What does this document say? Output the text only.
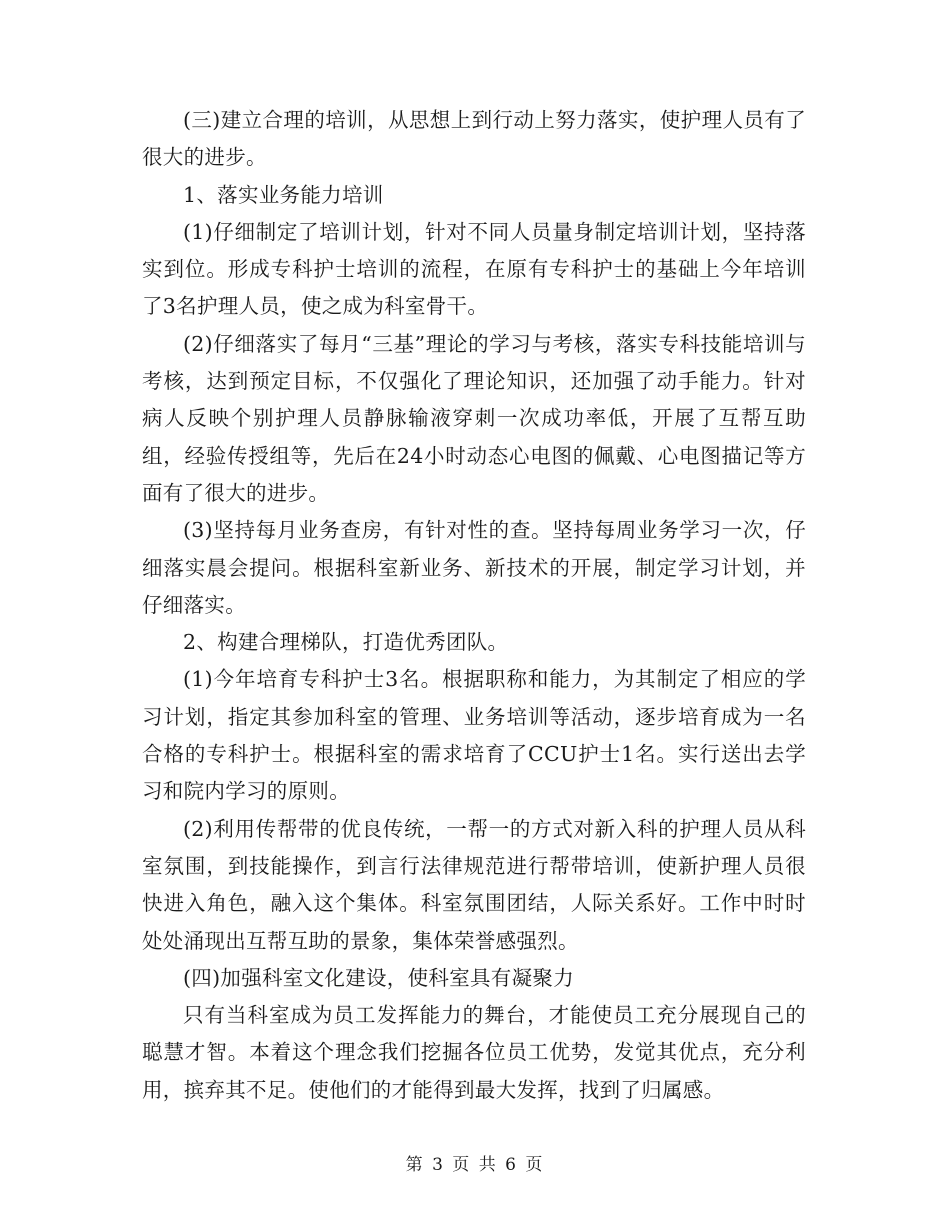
(三)建立合理的培训，从思想上到行动上努力落实，使护理人员有了很大的进步。

1、落实业务能力培训

(1)仔细制定了培训计划，针对不同人员量身制定培训计划，坚持落实到位。形成专科护士培训的流程，在原有专科护士的基础上今年培训了3名护理人员，使之成为科室骨干。

(2)仔细落实了每月“三基”理论的学习与考核，落实专科技能培训与考核，达到预定目标，不仅强化了理论知识，还加强了动手能力。针对病人反映个别护理人员静脉输液穿刺一次成功率低，开展了互帮互助组，经验传授组等，先后在24小时动态心电图的佩戴、心电图描记等方面有了很大的进步。

(3)坚持每月业务查房，有针对性的查。坚持每周业务学习一次，仔细落实晨会提问。根据科室新业务、新技术的开展，制定学习计划，并仔细落实。

2、构建合理梯队，打造优秀团队。

(1)今年培育专科护士3名。根据职称和能力，为其制定了相应的学习计划，指定其参加科室的管理、业务培训等活动，逐步培育成为一名合格的专科护士。根据科室的需求培育了CCU护士1名。实行送出去学习和院内学习的原则。

(2)利用传帮带的优良传统，一帮一的方式对新入科的护理人员从科室氛围，到技能操作，到言行法律规范进行帮带培训，使新护理人员很快进入角色，融入这个集体。科室氛围团结，人际关系好。工作中时时处处涌现出互帮互助的景象，集体荣誉感强烈。

(四)加强科室文化建设，使科室具有凝聚力

只有当科室成为员工发挥能力的舞台，才能使员工充分展现自己的聪慧才智。本着这个理念我们挖掘各位员工优势，发觉其优点，充分利用，摈弃其不足。使他们的才能得到最大发挥，找到了归属感。

第 3 页 共 6 页
